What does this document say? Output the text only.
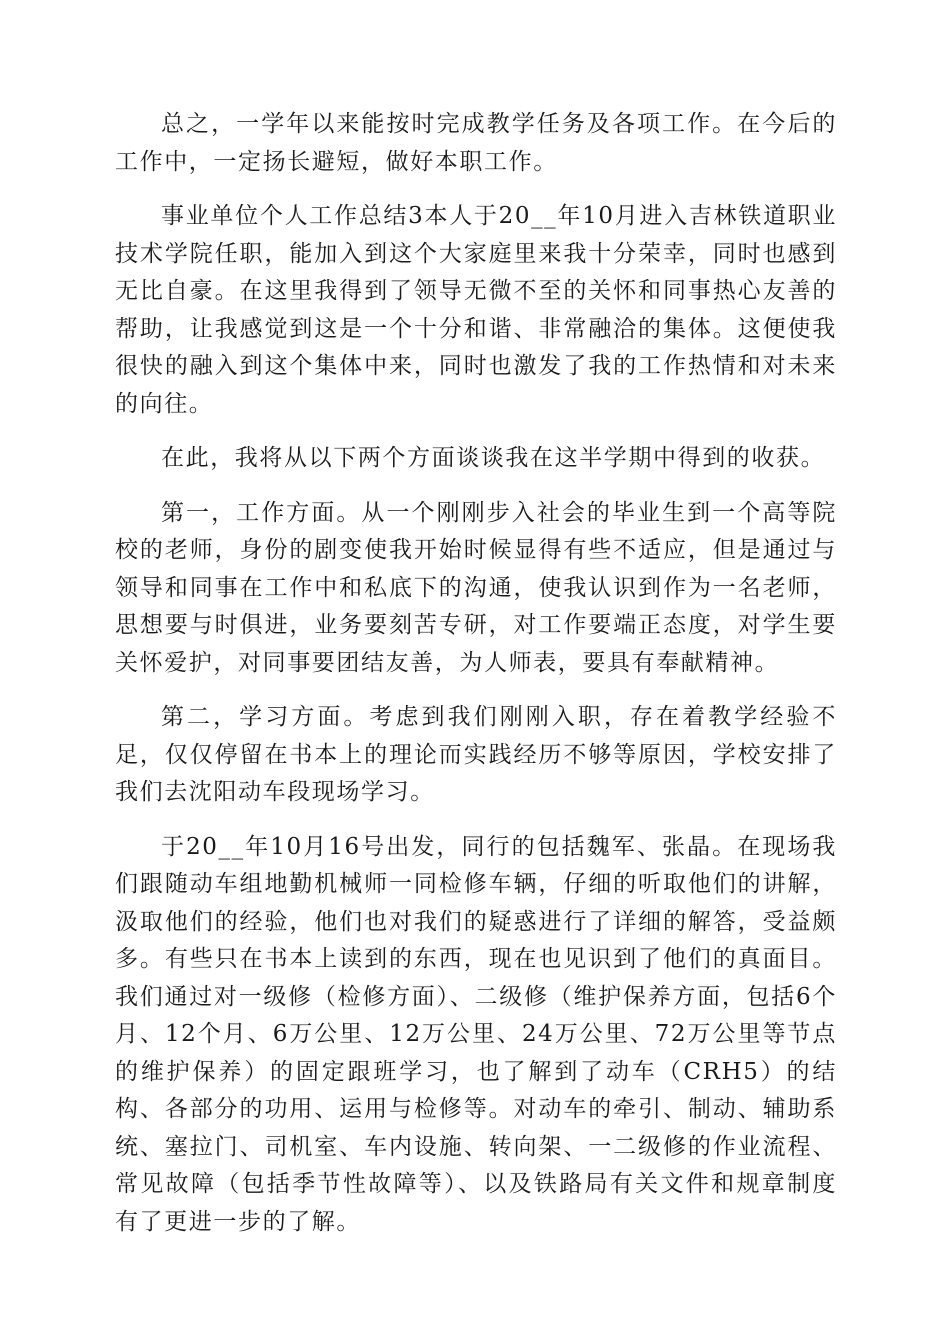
总之，一学年以来能按时完成教学任务及各项工作。在今后的工作中，一定扬长避短，做好本职工作。

事业单位个人工作总结3本人于20__年10月进入吉林铁道职业技术学院任职，能加入到这个大家庭里来我十分荣幸，同时也感到无比自豪。在这里我得到了领导无微不至的关怀和同事热心友善的帮助，让我感觉到这是一个十分和谐、非常融洽的集体。这便使我很快的融入到这个集体中来，同时也激发了我的工作热情和对未来的向往。

在此，我将从以下两个方面谈谈我在这半学期中得到的收获。

第一，工作方面。从一个刚刚步入社会的毕业生到一个高等院校的老师，身份的剧变使我开始时候显得有些不适应，但是通过与领导和同事在工作中和私底下的沟通，使我认识到作为一名老师，思想要与时俱进，业务要刻苦专研，对工作要端正态度，对学生要关怀爱护，对同事要团结友善，为人师表，要具有奉献精神。

第二，学习方面。考虑到我们刚刚入职，存在着教学经验不足，仅仅停留在书本上的理论而实践经历不够等原因，学校安排了我们去沈阳动车段现场学习。

于20__年10月16号出发，同行的包括魏军、张晶。在现场我们跟随动车组地勤机械师一同检修车辆，仔细的听取他们的讲解，汲取他们的经验，他们也对我们的疑惑进行了详细的解答，受益颇多。有些只在书本上读到的东西，现在也见识到了他们的真面目。我们通过对一级修（检修方面）、二级修（维护保养方面，包括6个月、12个月、6万公里、12万公里、24万公里、72万公里等节点的维护保养）的固定跟班学习，也了解到了动车（CRH5）的结构、各部分的功用、运用与检修等。对动车的牵引、制动、辅助系统、塞拉门、司机室、车内设施、转向架、一二级修的作业流程、常见故障（包括季节性故障等）、以及铁路局有关文件和规章制度有了更进一步的了解。
